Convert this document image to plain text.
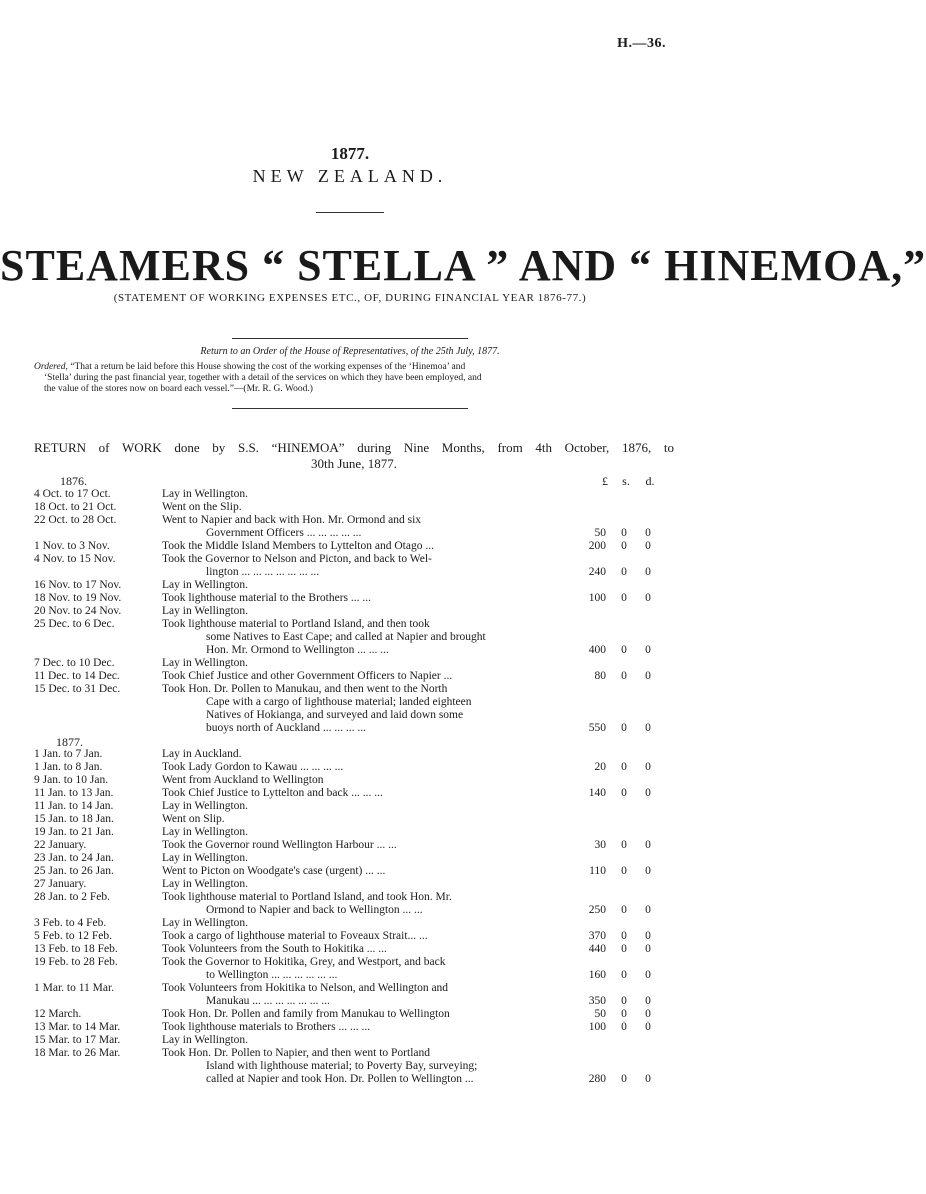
H.—36.
1877.
NEW ZEALAND.
STEAMERS “ STELLA ” AND “ HINEMOA,”
(STATEMENT OF WORKING EXPENSES ETC., OF, DURING FINANCIAL YEAR 1876-77.)
Return to an Order of the House of Representatives, of the 25th July, 1877.
Ordered, “That a return be laid before this House showing the cost of the working expenses of the ‘Hinemoa’ and
‘Stella’ during the past financial year, together with a detail of the services on which they have been employed, and
the value of the stores now on board each vessel.”—(Mr. R. G. Wood.)
RETURN of WORK done by S.S. “HINEMOA” during Nine Months, from 4th October, 1876, to
30th June, 1877.
1876.	£ s. d.
4 Oct. to 17 Oct.	Lay in Wellington.
18 Oct. to 21 Oct.	Went on the Slip.
22 Oct. to 28 Oct.	Went to Napier and back with Hon. Mr. Ormond and six
Government Officers ... ... ... ... ...	50 0 0
1 Nov. to 3 Nov.	Took the Middle Island Members to Lyttelton and Otago ...	200 0 0
4 Nov. to 15 Nov.	Took the Governor to Nelson and Picton, and back to Wel-
lington ... ... ... ... ... ... ...	240 0 0
16 Nov. to 17 Nov.	Lay in Wellington.
18 Nov. to 19 Nov.	Took lighthouse material to the Brothers ... ...	100 0 0
20 Nov. to 24 Nov.	Lay in Wellington.
25 Dec. to 6 Dec.	Took lighthouse material to Portland Island, and then took
some Natives to East Cape; and called at Napier and brought
Hon. Mr. Ormond to Wellington ... ... ...	400 0 0
7 Dec. to 10 Dec.	Lay in Wellington.
11 Dec. to 14 Dec.	Took Chief Justice and other Government Officers to Napier ...	80 0 0
15 Dec. to 31 Dec.	Took Hon. Dr. Pollen to Manukau, and then went to the North
Cape with a cargo of lighthouse material; landed eighteen
Natives of Hokianga, and surveyed and laid down some
buoys north of Auckland ... ... ... ...	550 0 0
1 Jan. to 7 Jan.	Lay in Auckland.
1 Jan. to 8 Jan.	Took Lady Gordon to Kawau ... ... ... ...	20 0 0
9 Jan. to 10 Jan.	Went from Auckland to Wellington
11 Jan. to 13 Jan.	Took Chief Justice to Lyttelton and back ... ... ...	140 0 0
11 Jan. to 14 Jan.	Lay in Wellington.
15 Jan. to 18 Jan.	Went on Slip.
19 Jan. to 21 Jan.	Lay in Wellington.
22 January.	Took the Governor round Wellington Harbour ... ...	30 0 0
23 Jan. to 24 Jan.	Lay in Wellington.
25 Jan. to 26 Jan.	Went to Picton on Woodgate's case (urgent) ... ...	110 0 0
27 January.	Lay in Wellington.
28 Jan. to 2 Feb.	Took lighthouse material to Portland Island, and took Hon. Mr.
Ormond to Napier and back to Wellington ... ...	250 0 0
3 Feb. to 4 Feb.	Lay in Wellington.
5 Feb. to 12 Feb.	Took a cargo of lighthouse material to Foveaux Strait... ...	370 0 0
13 Feb. to 18 Feb.	Took Volunteers from the South to Hokitika ... ...	440 0 0
19 Feb. to 28 Feb.	Took the Governor to Hokitika, Grey, and Westport, and back
to Wellington ... ... ... ... ... ...	160 0 0
1 Mar. to 11 Mar.	Took Volunteers from Hokitika to Nelson, and Wellington and
Manukau ... ... ... ... ... ... ...	350 0 0
12 March.	Took Hon. Dr. Pollen and family from Manukau to Wellington	50 0 0
13 Mar. to 14 Mar.	Took lighthouse materials to Brothers ... ... ...	100 0 0
15 Mar. to 17 Mar.	Lay in Wellington.
18 Mar. to 26 Mar.	Took Hon. Dr. Pollen to Napier, and then went to Portland
Island with lighthouse material; to Poverty Bay, surveying;
called at Napier and took Hon. Dr. Pollen to Wellington ...	280 0 0
1877.
